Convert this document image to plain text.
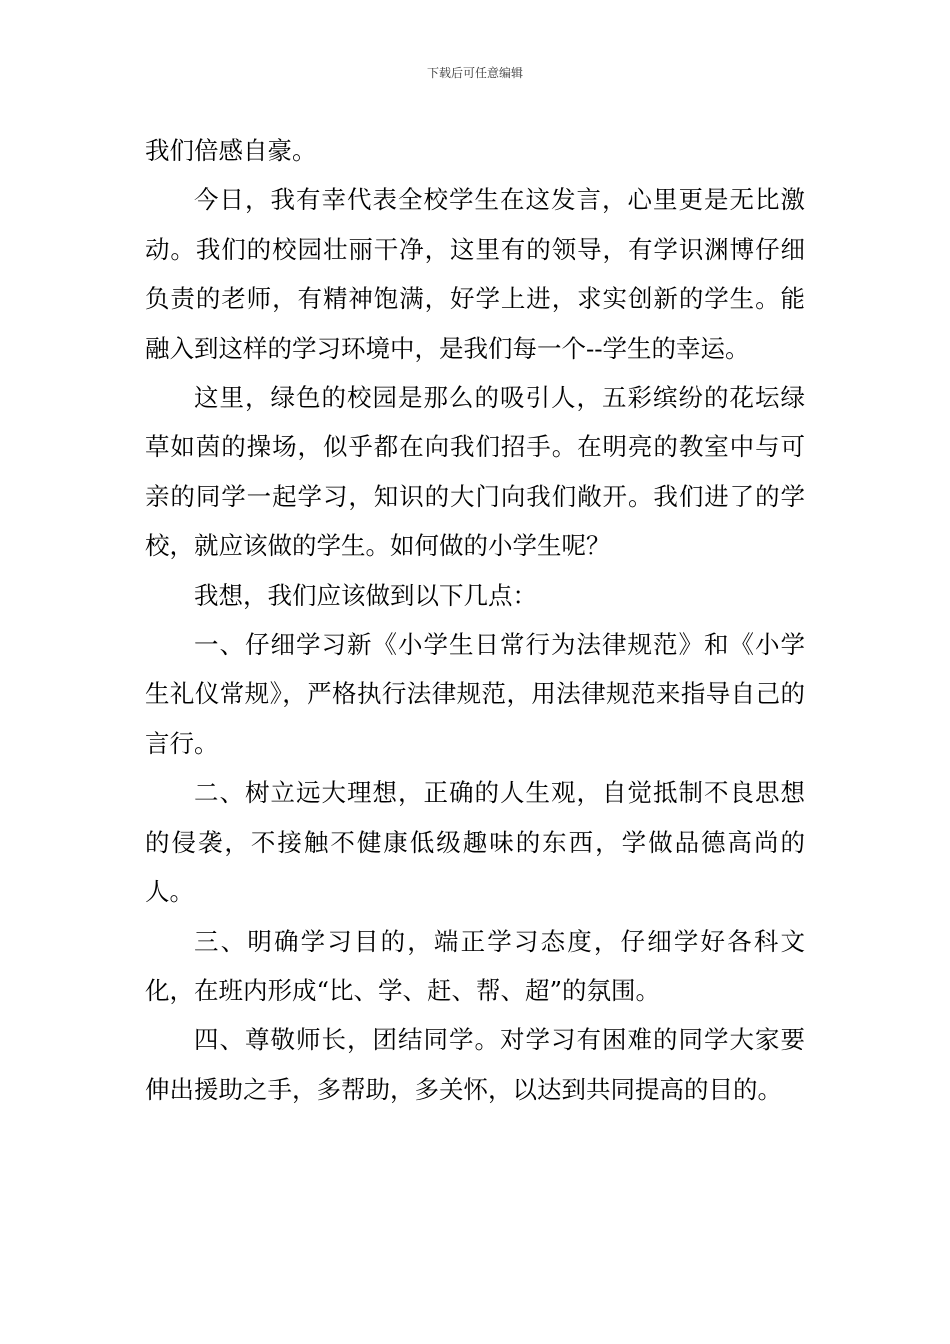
下载后可任意编辑

我们倍感自豪。

今日，我有幸代表全校学生在这发言，心里更是无比激动。我们的校园壮丽干净，这里有的领导，有学识渊博仔细负责的老师，有精神饱满，好学上进，求实创新的学生。能融入到这样的学习环境中，是我们每一个--学生的幸运。

这里，绿色的校园是那么的吸引人，五彩缤纷的花坛绿草如茵的操场，似乎都在向我们招手。在明亮的教室中与可亲的同学一起学习，知识的大门向我们敞开。我们进了的学校，就应该做的学生。如何做的小学生呢？

我想，我们应该做到以下几点：

一、仔细学习新《小学生日常行为法律规范》和《小学生礼仪常规》，严格执行法律规范，用法律规范来指导自己的言行。

二、树立远大理想，正确的人生观，自觉抵制不良思想的侵袭，不接触不健康低级趣味的东西，学做品德高尚的人。

三、明确学习目的，端正学习态度，仔细学好各科文化，在班内形成“比、学、赶、帮、超”的氛围。

四、尊敬师长，团结同学。对学习有困难的同学大家要伸出援助之手，多帮助，多关怀，以达到共同提高的目的。
